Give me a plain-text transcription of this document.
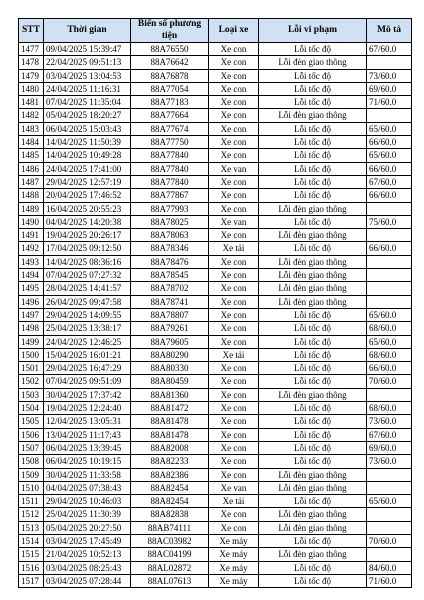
STT	Thời gian	Biển số phương tiện	Loại xe	Lỗi vi phạm	Mô tả
1477	09/04/2025 15:39:47	88A76550	Xe con	Lỗi tốc độ	67/60.0
1478	22/04/2025 09:51:13	88A76642	Xe con	Lỗi đèn giao thông	
1479	03/04/2025 13:04:53	88A76878	Xe con	Lỗi tốc độ	73/60.0
1480	24/04/2025 11:16:31	88A77054	Xe con	Lỗi tốc độ	69/60.0
1481	07/04/2025 11:35:04	88A77183	Xe con	Lỗi tốc độ	71/60.0
1482	05/04/2025 18:20:27	88A77664	Xe con	Lỗi đèn giao thông	
1483	06/04/2025 15:03:43	88A77674	Xe con	Lỗi tốc độ	65/60.0
1484	14/04/2025 11:50:39	88A77750	Xe con	Lỗi tốc độ	66/60.0
1485	14/04/2025 10:49:28	88A77840	Xe con	Lỗi tốc độ	65/60.0
1486	24/04/2025 17:41:00	88A77840	Xe van	Lỗi tốc độ	66/60.0
1487	29/04/2025 12:57:19	88A77840	Xe con	Lỗi tốc độ	67/60.0
1488	20/04/2025 17:46:52	88A77867	Xe con	Lỗi tốc độ	66/60.0
1489	16/04/2025 20:55:23	88A77993	Xe con	Lỗi đèn giao thông	
1490	04/04/2025 14:20:38	88A78025	Xe van	Lỗi tốc độ	75/60.0
1491	19/04/2025 20:26:17	88A78063	Xe con	Lỗi đèn giao thông	
1492	17/04/2025 09:12:50	88A78346	Xe tải	Lỗi tốc độ	66/60.0
1493	14/04/2025 08:36:16	88A78476	Xe con	Lỗi đèn giao thông	
1494	07/04/2025 07:27:32	88A78545	Xe con	Lỗi đèn giao thông	
1495	28/04/2025 14:41:57	88A78702	Xe con	Lỗi đèn giao thông	
1496	26/04/2025 09:47:58	88A78741	Xe con	Lỗi đèn giao thông	
1497	29/04/2025 14:09:55	88A78807	Xe con	Lỗi tốc độ	65/60.0
1498	25/04/2025 13:38:17	88A79261	Xe con	Lỗi tốc độ	68/60.0
1499	24/04/2025 12:46:25	88A79605	Xe con	Lỗi tốc độ	65/60.0
1500	15/04/2025 16:01:21	88A80290	Xe tải	Lỗi tốc độ	68/60.0
1501	29/04/2025 16:47:29	88A80330	Xe con	Lỗi tốc độ	66/60.0
1502	07/04/2025 09:51:09	88A80459	Xe con	Lỗi tốc độ	70/60.0
1503	30/04/2025 17:37:42	88A81360	Xe con	Lỗi đèn giao thông	
1504	19/04/2025 12:24:40	88A81472	Xe con	Lỗi tốc độ	68/60.0
1505	12/04/2025 13:05:31	88A81478	Xe con	Lỗi tốc độ	73/60.0
1506	13/04/2025 11:17:43	88A81478	Xe con	Lỗi tốc độ	67/60.0
1507	06/04/2025 13:39:45	88A82008	Xe con	Lỗi tốc độ	69/60.0
1508	06/04/2025 10:19:15	88A82233	Xe con	Lỗi tốc độ	73/60.0
1509	30/04/2025 11:33:58	88A82386	Xe con	Lỗi đèn giao thông	
1510	04/04/2025 07:38:43	88A82454	Xe van	Lỗi đèn giao thông	
1511	29/04/2025 10:46:03	88A82454	Xe tải	Lỗi tốc độ	65/60.0
1512	25/04/2025 11:30:39	88A82838	Xe con	Lỗi đèn giao thông	
1513	05/04/2025 20:27:50	88AB74111	Xe con	Lỗi đèn giao thông	
1514	03/04/2025 17:45:49	88AC03982	Xe máy	Lỗi tốc độ	70/60.0
1515	21/04/2025 10:52:13	88AC04199	Xe máy	Lỗi đèn giao thông	
1516	03/04/2025 08:25:43	88AL02872	Xe máy	Lỗi tốc độ	84/60.0
1517	03/04/2025 07:28:44	88AL07613	Xe máy	Lỗi tốc độ	71/60.0
